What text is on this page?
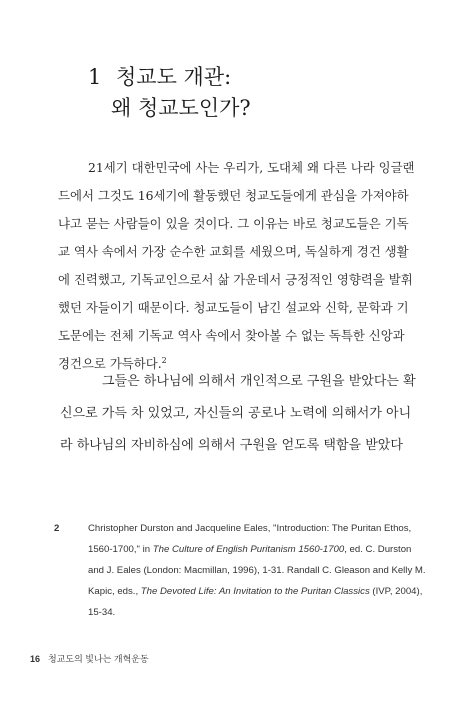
1 청교도 개관:
왜 청교도인가?

21세기 대한민국에 사는 우리가, 도대체 왜 다른 나라 잉글랜
드에서 그것도 16세기에 활동했던 청교도들에게 관심을 가져야하
냐고 묻는 사람들이 있을 것이다. 그 이유는 바로 청교도들은 기독
교 역사 속에서 가장 순수한 교회를 세웠으며, 독실하게 경건 생활
에 진력했고, 기독교인으로서 삶 가운데서 긍정적인 영향력을 발휘
했던 자들이기 때문이다. 청교도들이 남긴 설교와 신학, 문학과 기
도문에는 전체 기독교 역사 속에서 찾아볼 수 없는 독특한 신앙과
경건으로 가득하다.$^2$

그들은 하나님에 의해서 개인적으로 구원을 받았다는 확
신으로 가득 차 있었고, 자신들의 공로나 노력에 의해서가 아니
라 하나님의 자비하심에 의해서 구원을 얻도록 택함을 받았다

2	Christopher Durston and Jacqueline Eales, "Introduction: The Puritan Ethos,
1560-1700," in The Culture of English Puritanism 1560-1700, ed. C. Durston
and J. Eales (London: Macmillan, 1996), 1-31. Randall C. Gleason and Kelly M.
Kapic, eds., The Devoted Life: An Invitation to the Puritan Classics (IVP, 2004),
15-34.
16 청교도의 빛나는 개혁운동
